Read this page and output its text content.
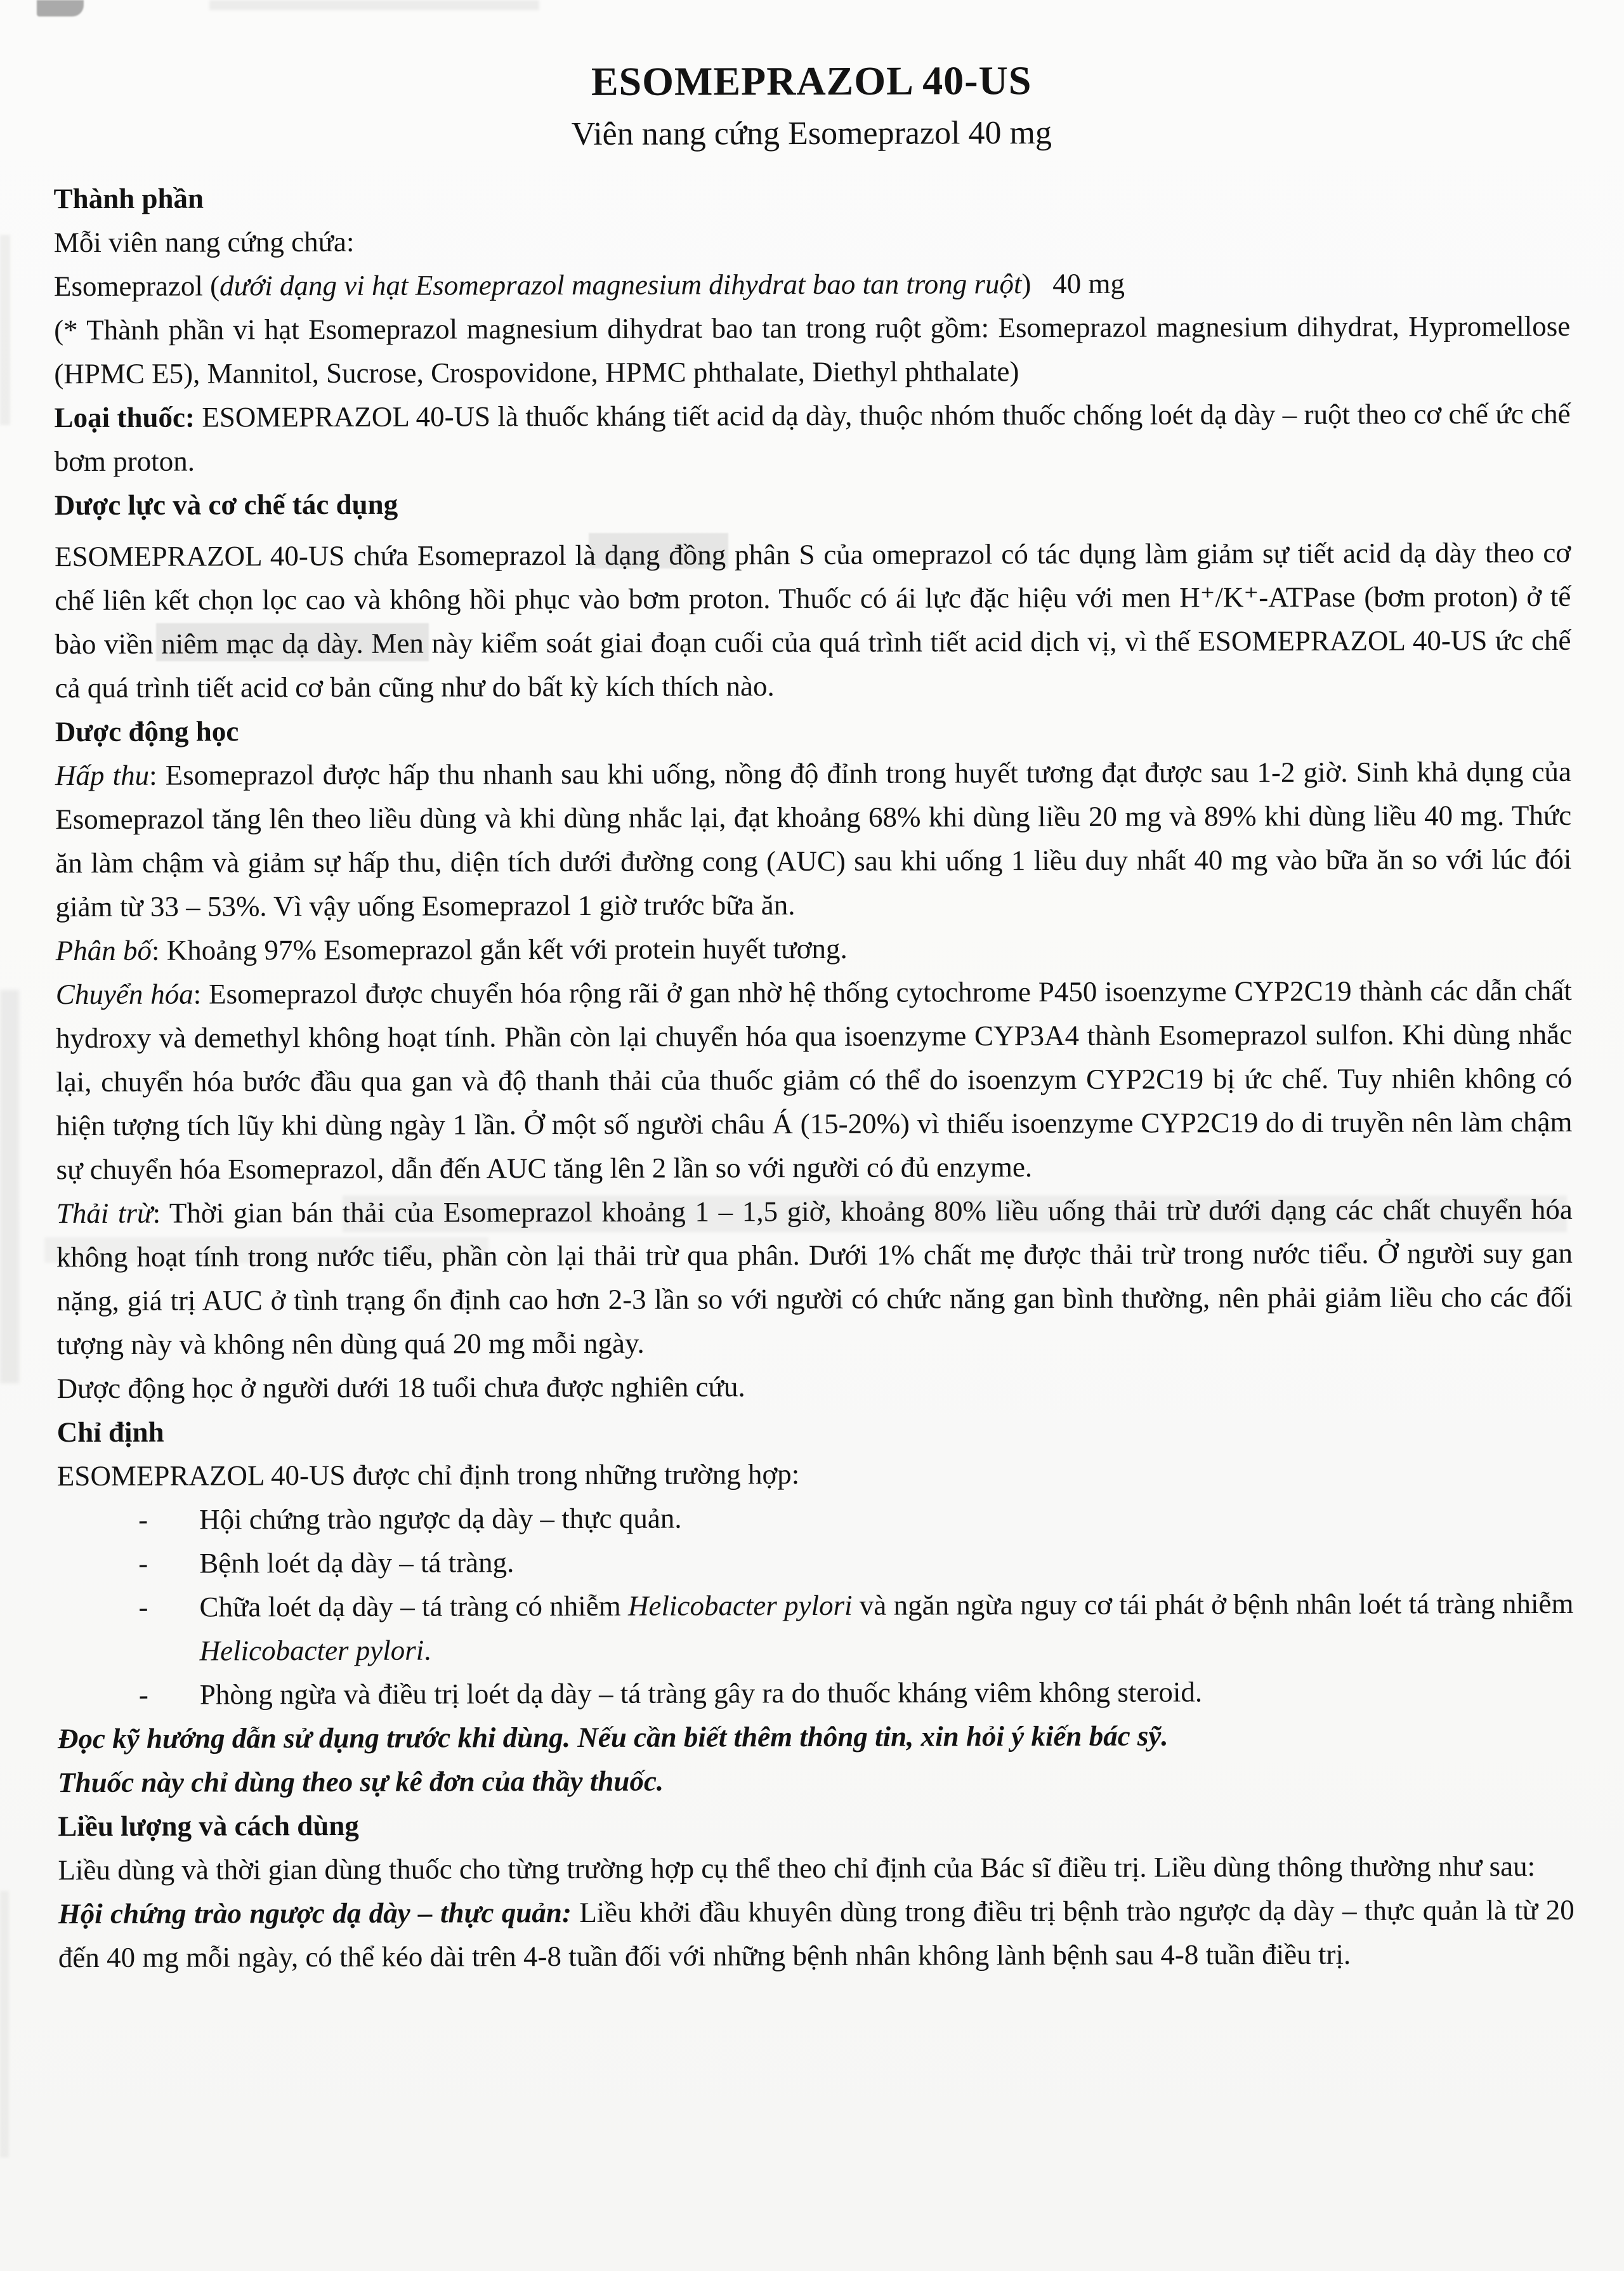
ESOMEPRAZOL 40-US
Viên nang cứng Esomeprazol 40 mg
Thành phần

Mỗi viên nang cứng chứa:

Esomeprazol (dưới dạng vi hạt Esomeprazol magnesium dihydrat bao tan trong ruột)   40 mg

(* Thành phần vi hạt Esomeprazol magnesium dihydrat bao tan trong ruột gồm: Esomeprazol magnesium dihydrat, Hypromellose (HPMC E5), Mannitol, Sucrose, Crospovidone, HPMC phthalate, Diethyl phthalate)

Loại thuốc: ESOMEPRAZOL 40-US là thuốc kháng tiết acid dạ dày, thuộc nhóm thuốc chống loét dạ dày – ruột theo cơ chế ức chế bơm proton.

Dược lực và cơ chế tác dụng

ESOMEPRAZOL 40-US chứa Esomeprazol là dạng đồng phân S của omeprazol có tác dụng làm giảm sự tiết acid dạ dày theo cơ chế liên kết chọn lọc cao và không hồi phục vào bơm proton. Thuốc có ái lực đặc hiệu với men H⁺/K⁺-ATPase (bơm proton) ở tế bào viền niêm mạc dạ dày. Men này kiểm soát giai đoạn cuối của quá trình tiết acid dịch vị, vì thế ESOMEPRAZOL 40-US ức chế cả quá trình tiết acid cơ bản cũng như do bất kỳ kích thích nào.

Dược động học

Hấp thu: Esomeprazol được hấp thu nhanh sau khi uống, nồng độ đỉnh trong huyết tương đạt được sau 1-2 giờ. Sinh khả dụng của Esomeprazol tăng lên theo liều dùng và khi dùng nhắc lại, đạt khoảng 68% khi dùng liều 20 mg và 89% khi dùng liều 40 mg. Thức ăn làm chậm và giảm sự hấp thu, diện tích dưới đường cong (AUC) sau khi uống 1 liều duy nhất 40 mg vào bữa ăn so với lúc đói giảm từ 33 – 53%. Vì vậy uống Esomeprazol 1 giờ trước bữa ăn.

Phân bố: Khoảng 97% Esomeprazol gắn kết với protein huyết tương.

Chuyển hóa: Esomeprazol được chuyển hóa rộng rãi ở gan nhờ hệ thống cytochrome P450 isoenzyme CYP2C19 thành các dẫn chất hydroxy và demethyl không hoạt tính. Phần còn lại chuyển hóa qua isoenzyme CYP3A4 thành Esomeprazol sulfon. Khi dùng nhắc lại, chuyển hóa bước đầu qua gan và độ thanh thải của thuốc giảm có thể do isoenzym CYP2C19 bị ức chế. Tuy nhiên không có hiện tượng tích lũy khi dùng ngày 1 lần. Ở một số người châu Á (15-20%) vì thiếu isoenzyme CYP2C19 do di truyền nên làm chậm sự chuyển hóa Esomeprazol, dẫn đến AUC tăng lên 2 lần so với người có đủ enzyme.

Thải trừ: Thời gian bán thải của Esomeprazol khoảng 1 – 1,5 giờ, khoảng 80% liều uống thải trừ dưới dạng các chất chuyển hóa không hoạt tính trong nước tiểu, phần còn lại thải trừ qua phân. Dưới 1% chất mẹ được thải trừ trong nước tiểu. Ở người suy gan nặng, giá trị AUC ở tình trạng ổn định cao hơn 2-3 lần so với người có chức năng gan bình thường, nên phải giảm liều cho các đối tượng này và không nên dùng quá 20 mg mỗi ngày.

Dược động học ở người dưới 18 tuổi chưa được nghiên cứu.

Chỉ định

ESOMEPRAZOL 40-US được chỉ định trong những trường hợp:

-	Hội chứng trào ngược dạ dày – thực quản.
-	Bệnh loét dạ dày – tá tràng.
-	Chữa loét dạ dày – tá tràng có nhiễm Helicobacter pylori và ngăn ngừa nguy cơ tái phát ở bệnh nhân loét tá tràng nhiễm Helicobacter pylori.
-	Phòng ngừa và điều trị loét dạ dày – tá tràng gây ra do thuốc kháng viêm không steroid.

Đọc kỹ hướng dẫn sử dụng trước khi dùng. Nếu cần biết thêm thông tin, xin hỏi ý kiến bác sỹ.

Thuốc này chỉ dùng theo sự kê đơn của thầy thuốc.

Liều lượng và cách dùng

Liều dùng và thời gian dùng thuốc cho từng trường hợp cụ thể theo chỉ định của Bác sĩ điều trị. Liều dùng thông thường như sau:

Hội chứng trào ngược dạ dày – thực quản: Liều khởi đầu khuyên dùng trong điều trị bệnh trào ngược dạ dày – thực quản là từ 20 đến 40 mg mỗi ngày, có thể kéo dài trên 4-8 tuần đối với những bệnh nhân không lành bệnh sau 4-8 tuần điều trị.
